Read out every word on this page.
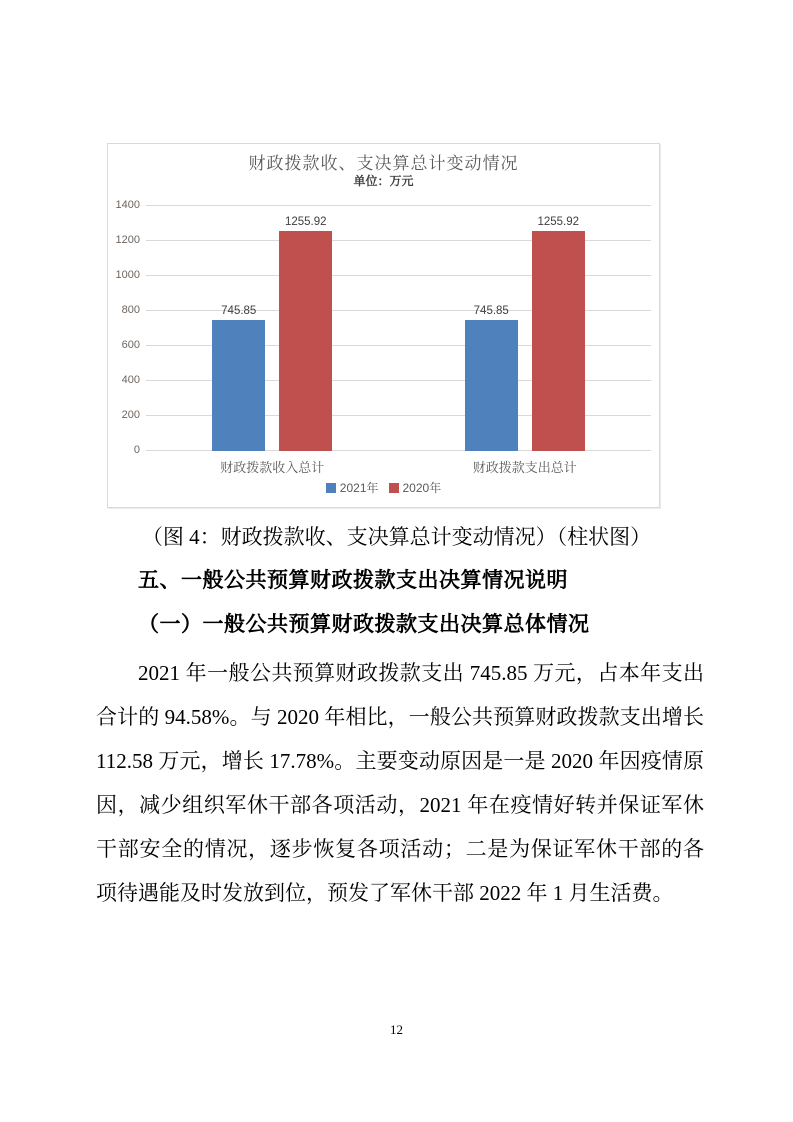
财政拨款收、支决算总计变动情况
单位：万元
0
200
400
600
800
1000
1200
1400
745.85
1255.92
745.85
1255.92
财政拨款收入总计	财政拨款支出总计
2021年 2020年

（图 4：财政拨款收、支决算总计变动情况）（柱状图）

五、一般公共预算财政拨款支出决算情况说明
（一）一般公共预算财政拨款支出决算总体情况

2021 年一般公共预算财政拨款支出 745.85 万元，占本年支出合计的 94.58%。与 2020 年相比，一般公共预算财政拨款支出增长 112.58 万元，增长 17.78%。主要变动原因是一是 2020 年因疫情原因，减少组织军休干部各项活动，2021 年在疫情好转并保证军休干部安全的情况，逐步恢复各项活动；二是为保证军休干部的各项待遇能及时发放到位，预发了军休干部 2022 年 1 月生活费。

12
